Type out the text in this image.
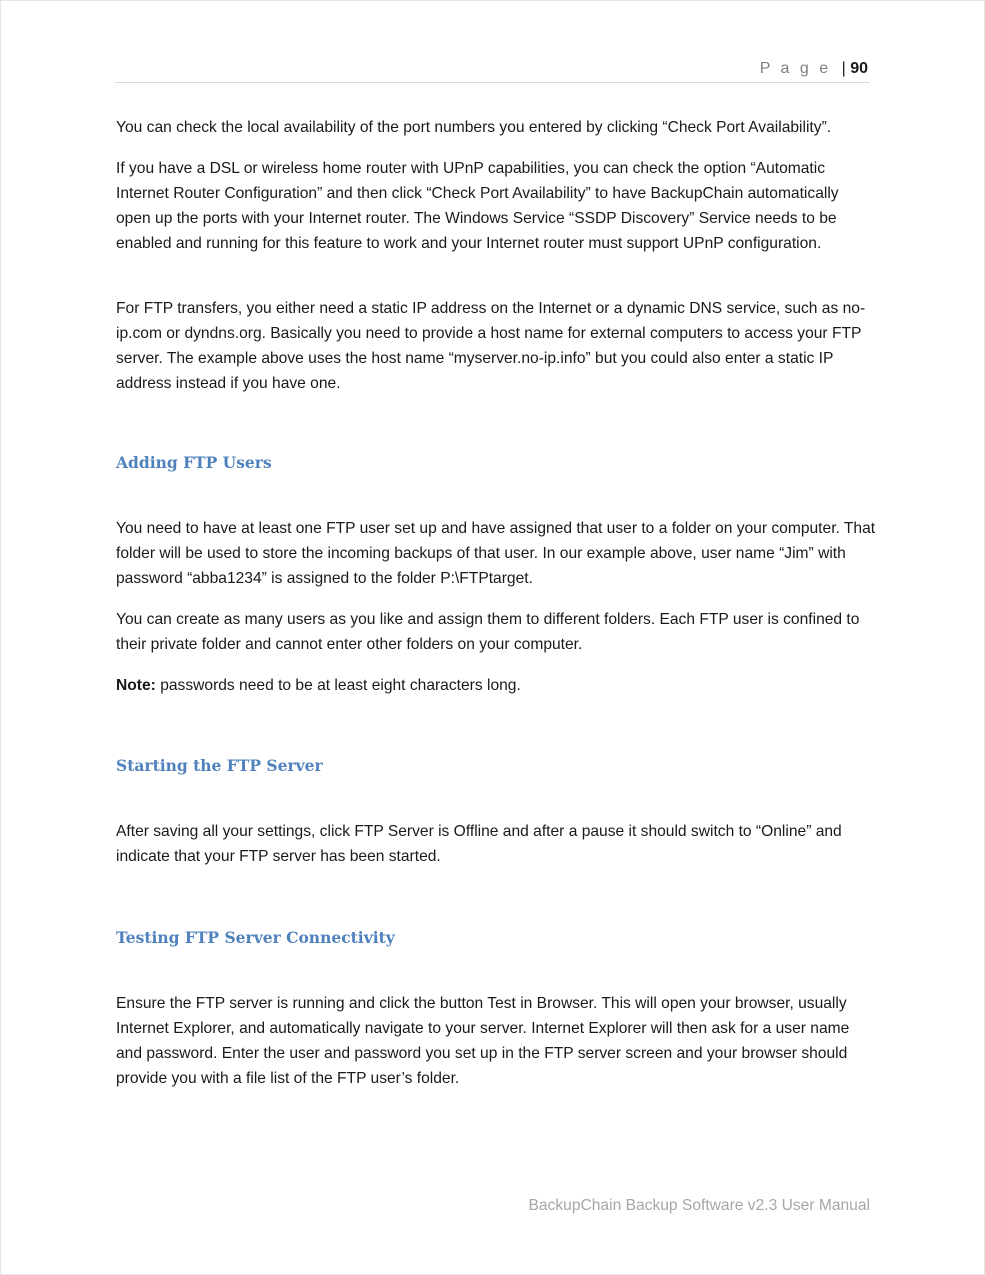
P a g e | 90

You can check the local availability of the port numbers you entered by clicking “Check Port Availability”.

If you have a DSL or wireless home router with UPnP capabilities, you can check the option “Automatic Internet Router Configuration” and then click “Check Port Availability” to have BackupChain automatically open up the ports with your Internet router. The Windows Service “SSDP Discovery” Service needs to be enabled and running for this feature to work and your Internet router must support UPnP configuration.

For FTP transfers, you either need a static IP address on the Internet or a dynamic DNS service, such as no-ip.com or dyndns.org. Basically you need to provide a host name for external computers to access your FTP server. The example above uses the host name “myserver.no-ip.info” but you could also enter a static IP address instead if you have one.

Adding FTP Users

You need to have at least one FTP user set up and have assigned that user to a folder on your computer. That folder will be used to store the incoming backups of that user. In our example above, user name “Jim” with password “abba1234” is assigned to the folder P:\FTPtarget.

You can create as many users as you like and assign them to different folders. Each FTP user is confined to their private folder and cannot enter other folders on your computer.

Note: passwords need to be at least eight characters long.

Starting the FTP Server

After saving all your settings, click FTP Server is Offline and after a pause it should switch to “Online” and indicate that your FTP server has been started.

Testing FTP Server Connectivity

Ensure the FTP server is running and click the button Test in Browser. This will open your browser, usually Internet Explorer, and automatically navigate to your server. Internet Explorer will then ask for a user name and password. Enter the user and password you set up in the FTP server screen and your browser should provide you with a file list of the FTP user’s folder.

BackupChain Backup Software v2.3 User Manual
